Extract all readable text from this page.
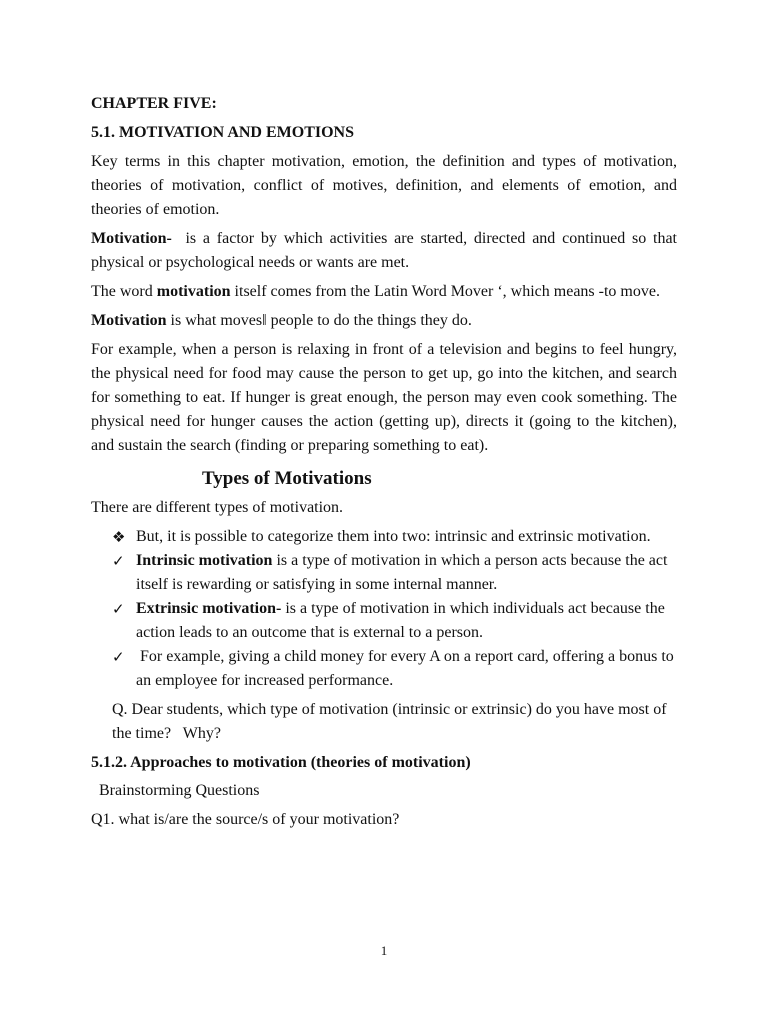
CHAPTER FIVE:

5.1. MOTIVATION AND EMOTIONS

Key terms in this chapter motivation, emotion, the definition and types of motivation, theories of motivation, conflict of motives, definition, and elements of emotion, and theories of emotion.

Motivation-  is a factor by which activities are started, directed and continued so that physical or psychological needs or wants are met.

The word motivation itself comes from the Latin Word Mover ‘, which means -to move.

Motivation is what moves‖ people to do the things they do.

For example, when a person is relaxing in front of a television and begins to feel hungry, the physical need for food may cause the person to get up, go into the kitchen, and search for something to eat. If hunger is great enough, the person may even cook something. The physical need for hunger causes the action (getting up), directs it (going to the kitchen), and sustain the search (finding or preparing something to eat).

Types of Motivations

There are different types of motivation.

❖ But, it is possible to categorize them into two: intrinsic and extrinsic motivation.
✓ Intrinsic motivation is a type of motivation in which a person acts because the act itself is rewarding or satisfying in some internal manner.
✓ Extrinsic motivation- is a type of motivation in which individuals act because the action leads to an outcome that is external to a person.
✓ For example, giving a child money for every A on a report card, offering a bonus to an employee for increased performance.

Q. Dear students, which type of motivation (intrinsic or extrinsic) do you have most of the time?   Why?

5.1.2. Approaches to motivation (theories of motivation)

Brainstorming Questions

Q1. what is/are the source/s of your motivation?

1
